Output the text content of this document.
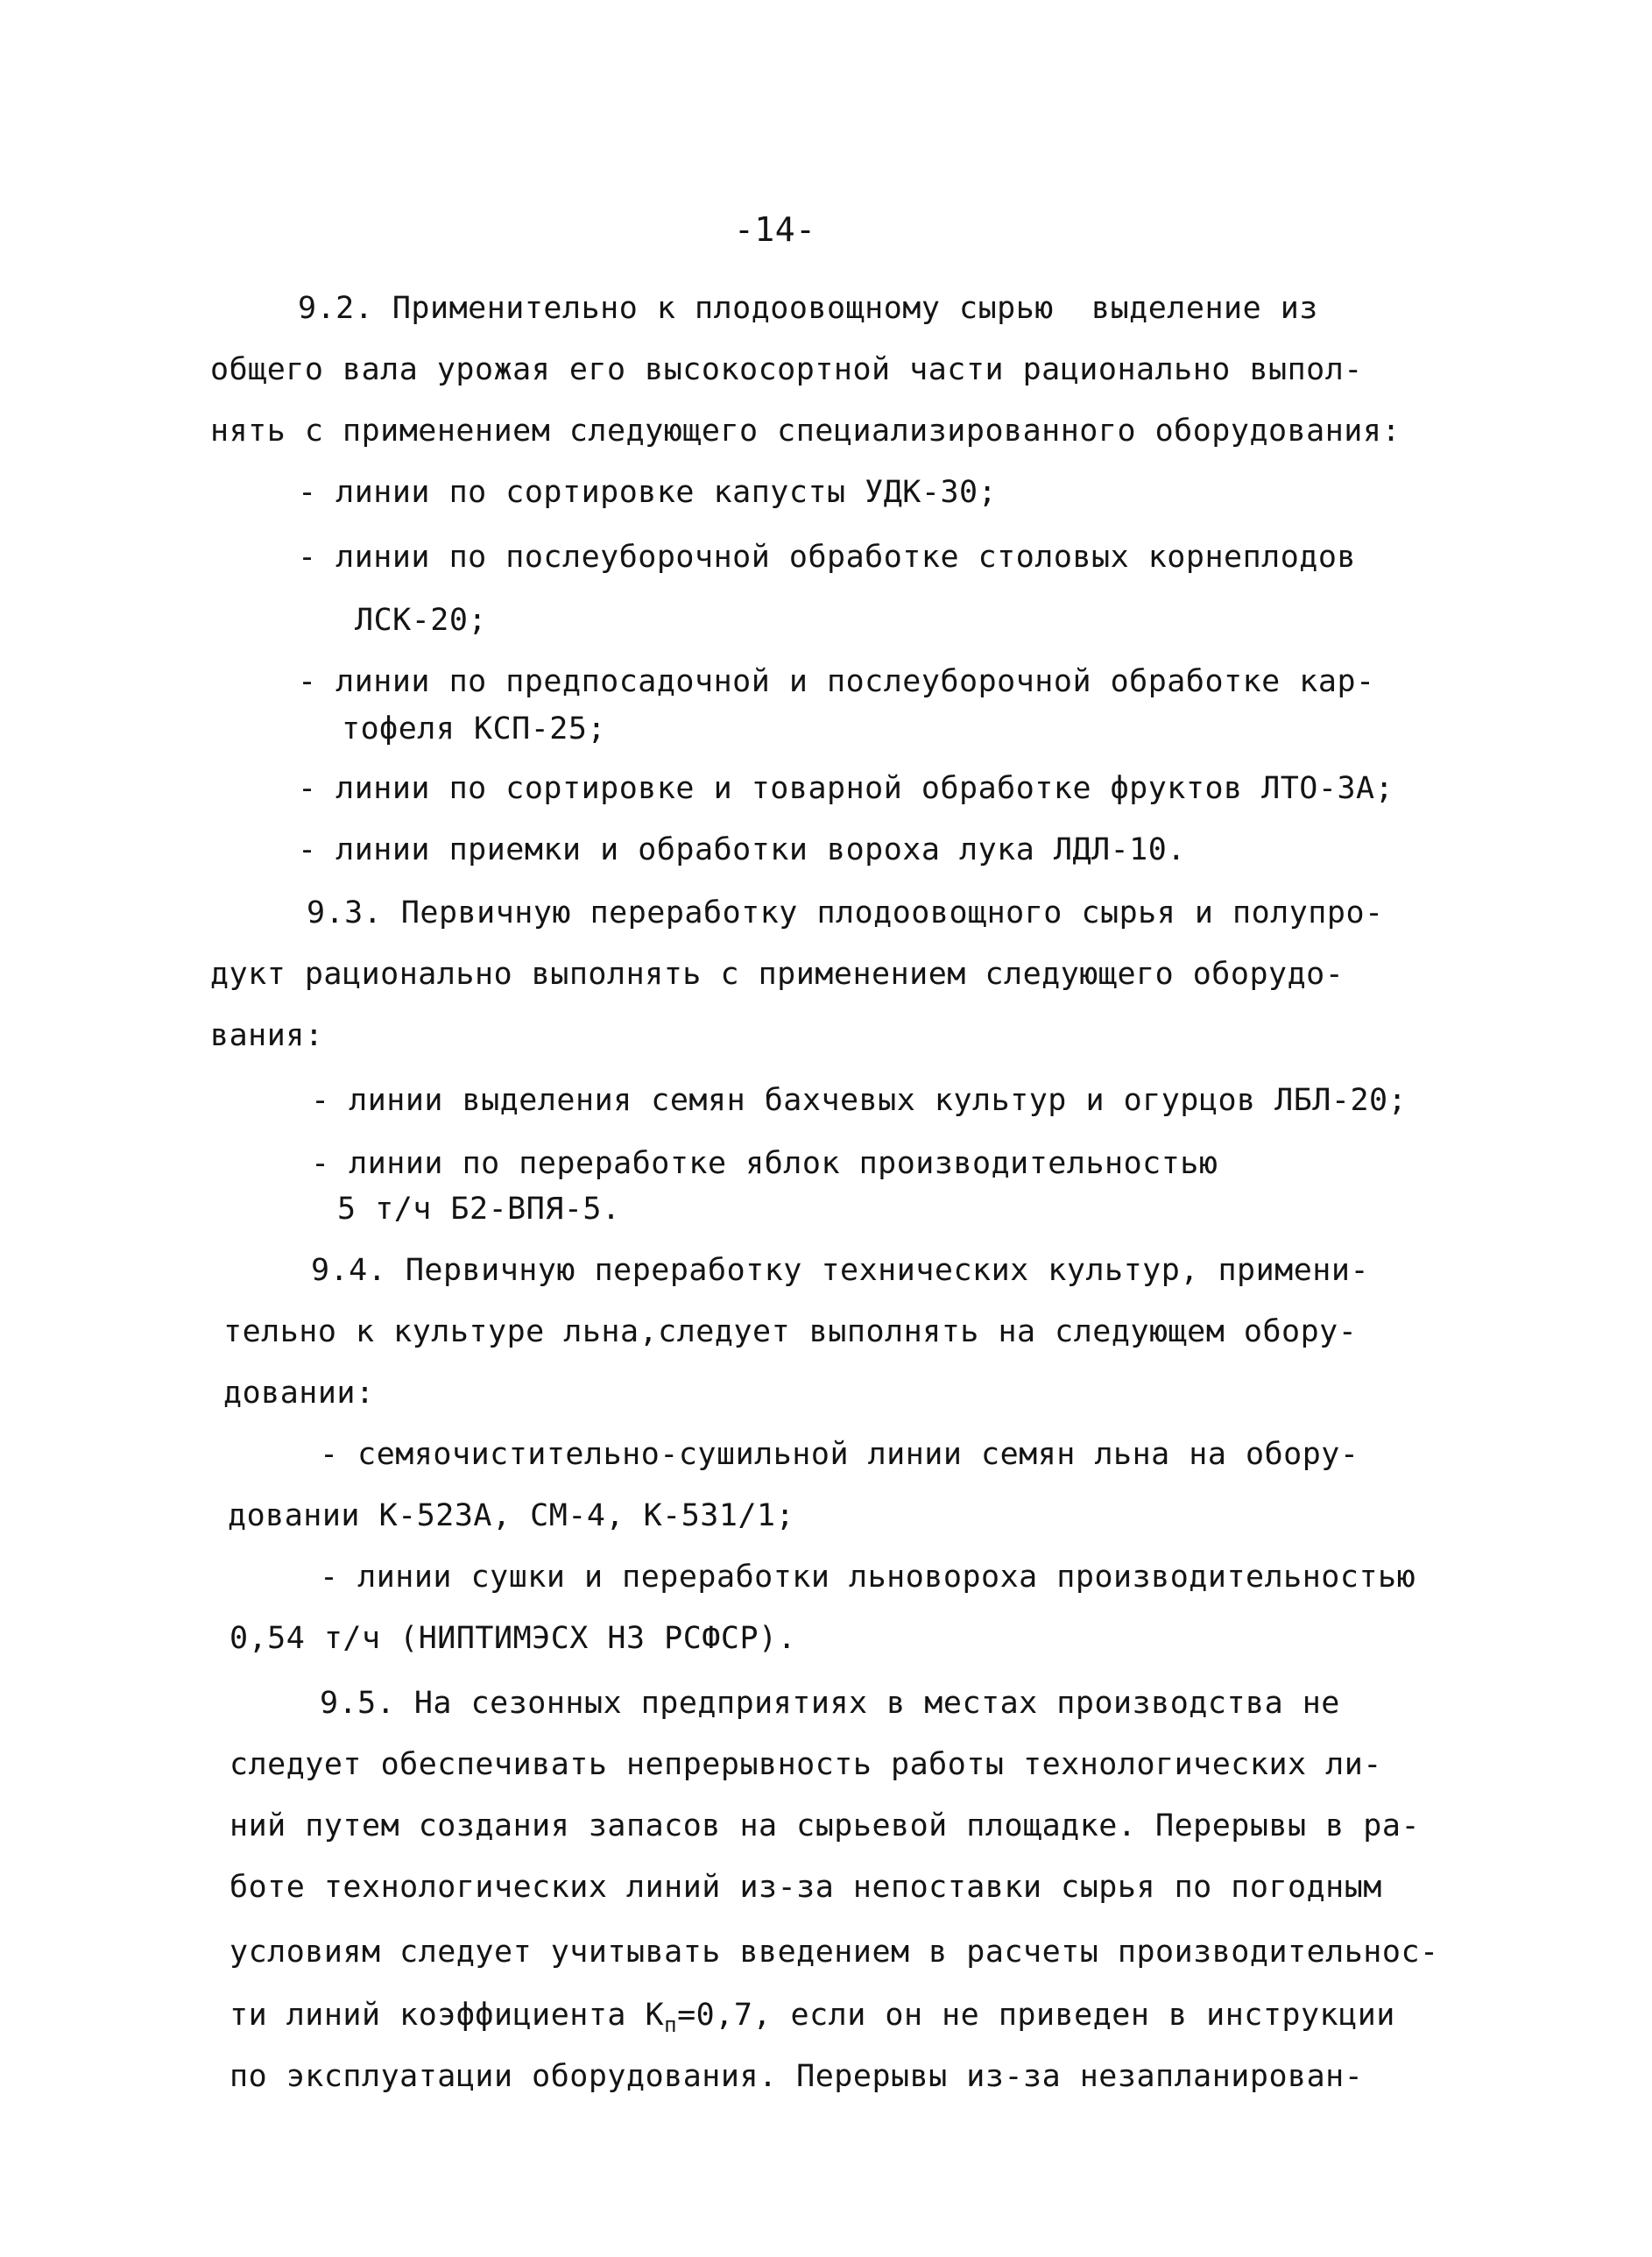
-14-
9.2. Применительно к плодоовощному сырью  выделение из
общего вала урожая его высокосортной части рационально выпол-
нять с применением следующего специализированного оборудования:
- линии по сортировке капусты УДК-30;
- линии по послеуборочной обработке столовых корнеплодов
ЛСК-20;
- линии по предпосадочной и послеуборочной обработке кар-
тофеля КСП-25;
- линии по сортировке и товарной обработке фруктов ЛТО-3А;
- линии приемки и обработки вороха лука ЛДЛ-10.
9.3. Первичную переработку плодоовощного сырья и полупро-
дукт рационально выполнять с применением следующего оборудо-
вания:
- линии выделения семян бахчевых культур и огурцов ЛБЛ-20;
- линии по переработке яблок производительностью
5 т/ч Б2-ВПЯ-5.
9.4. Первичную переработку технических культур, примени-
тельно к культуре льна,следует выполнять на следующем обору-
довании:
- семяочистительно-сушильной линии семян льна на обору-
довании К-523А, СМ-4, К-531/1;
- линии сушки и переработки льновороха производительностью
0,54 т/ч (НИПТИМЭСХ НЗ РСФСР).
9.5. На сезонных предприятиях в местах производства не
следует обеспечивать непрерывность работы технологических ли-
ний путем создания запасов на сырьевой площадке. Перерывы в ра-
боте технологических линий из-за непоставки сырья по погодным
условиям следует учитывать введением в расчеты производительнос-
ти линий коэффициента $К_п=0,7$, если он не приведен в инструкции
по эксплуатации оборудования. Перерывы из-за незапланирован-
